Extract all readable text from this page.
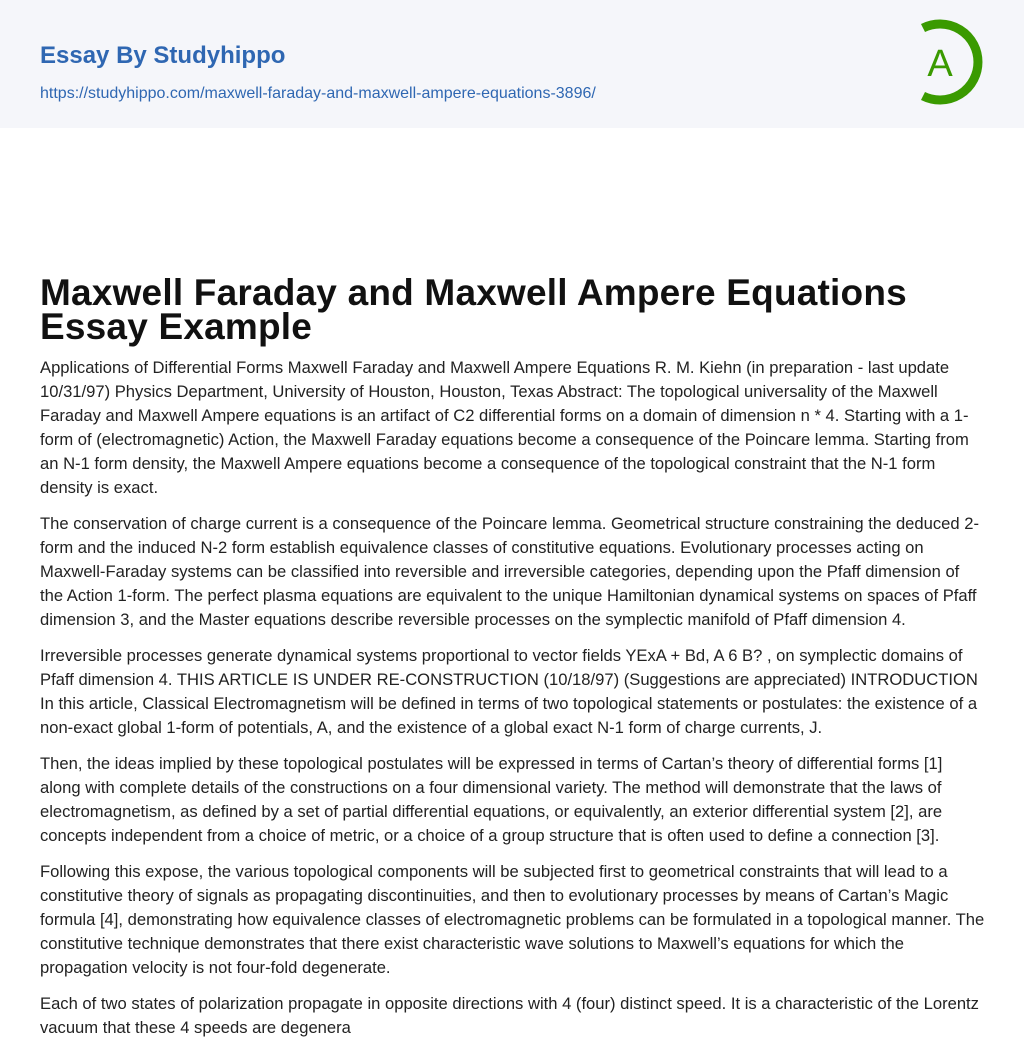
Essay By Studyhippo
https://studyhippo.com/maxwell-faraday-and-maxwell-ampere-equations-3896/
A
Maxwell Faraday and Maxwell Ampere Equations Essay Example

Applications of Differential Forms Maxwell Faraday and Maxwell Ampere Equations R. M. Kiehn (in preparation - last update 10/31/97) Physics Department, University of Houston, Houston, Texas Abstract: The topological universality of the Maxwell Faraday and Maxwell Ampere equations is an artifact of C2 differential forms on a domain of dimension n * 4. Starting with a 1-form of (electromagnetic) Action, the Maxwell Faraday equations become a consequence of the Poincare lemma. Starting from an N-1 form density, the Maxwell Ampere equations become a consequence of the topological constraint that the N-1 form density is exact.

The conservation of charge current is a consequence of the Poincare lemma. Geometrical structure constraining the deduced 2-form and the induced N-2 form establish equivalence classes of constitutive equations. Evolutionary processes acting on Maxwell-Faraday systems can be classified into reversible and irreversible categories, depending upon the Pfaff dimension of the Action 1-form. The perfect plasma equations are equivalent to the unique Hamiltonian dynamical systems on spaces of Pfaff dimension 3, and the Master equations describe reversible processes on the symplectic manifold of Pfaff dimension 4.

Irreversible processes generate dynamical systems proportional to vector fields YExA + Bd, A 6 B? , on symplectic domains of Pfaff dimension 4. THIS ARTICLE IS UNDER RE-CONSTRUCTION (10/18/97) (Suggestions are appreciated) INTRODUCTION In this article, Classical Electromagnetism will be defined in terms of two topological statements or postulates: the existence of a non-exact global 1-form of potentials, A, and the existence of a global exact N-1 form of charge currents, J.

Then, the ideas implied by these topological postulates will be expressed in terms of Cartan’s theory of differential forms [1] along with complete details of the constructions on a four dimensional variety. The method will demonstrate that the laws of electromagnetism, as defined by a set of partial differential equations, or equivalently, an exterior differential system [2], are concepts independent from a choice of metric, or a choice of a group structure that is often used to define a connection [3].

Following this expose, the various topological components will be subjected first to geometrical constraints that will lead to a constitutive theory of signals as propagating discontinuities, and then to evolutionary processes by means of Cartan’s Magic formula [4], demonstrating how equivalence classes of electromagnetic problems can be formulated in a topological manner. The constitutive technique demonstrates that there exist characteristic wave solutions to Maxwell’s equations for which the propagation velocity is not four-fold degenerate.

Each of two states of polarization propagate in opposite directions with 4 (four) distinct speed. It is a characteristic of the Lorentz vacuum that these 4 speeds are degenera
